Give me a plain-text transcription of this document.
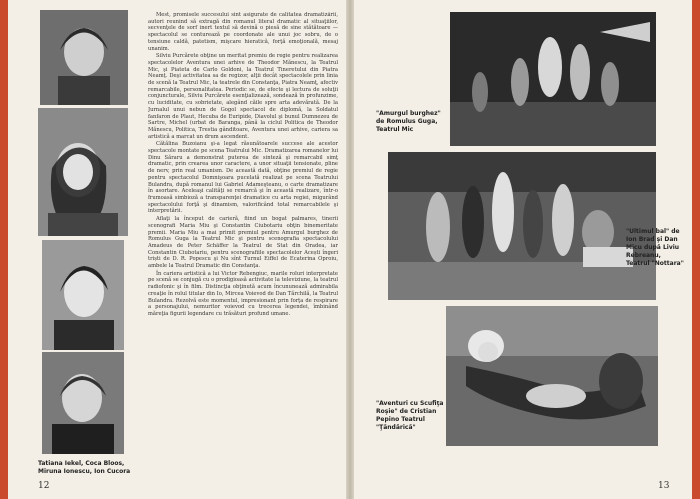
Mest, promisele succesului sint asigurate de calitatea dramatizării, autori reunind să extragă din romanul literal dramatic al situaţiilor, secvenţele de sorf inert textul să devină o piesă de sine stătătoare — spectacolul se conturează pe coordonate ale unui joc sobru, de o tensiune caldă, patetism, mişcare hieratică, forţă emoţională, mesaj unanim.

Silviu Purcărete obţine un meritat premiu de regie pentru realizarea spectacolelor Aventura unei arhive de Theodor Mănescu, la Teatrul Mic, şi Piateta de Carlo Goldoni, la Teatrul Tineretului din Piatra Neamţ. Deşi activitatea sa de regizor, alţii decât spectacolele prin linia de scenă la Teatrul Mic, la teatrele din Constanţa, Piatra Neamţ, afectiv remarcabile, personalitatea. Periodic se, de efecte şi lectura de soluţii conjuncturale, Silviu Purcărete esenţializează, sondează în profunzime, cu luciditate, cu sobrietate, alegând căile spre arta adevărată. De la Jurnalul unui nebun de Gogol spectacol de diplomă, la Soldatul fanfaron de Plaut, Hecuba de Euripide, Diavolul şi bunul Dumnezeu de Sartre, Michel (urbat de Baranga, până la ciclul Politica de Theodor Mănescu, Politica, Trestia gânditoare, Aventura unei arhive, cariera sa artistică a marcat un drum ascendent.

Cătălina Buzoianu şi-a legat răsunătoarele succese ale acestor spectacole montate pe scena Teatrului Mic. Dramatizarea romanelor lui Dinu Săraru a demonstrat puterea de sinteză şi remarcabil simţ dramatic, prin crearea unor caractere, a unor situaţii tensionate, pline de nerv, prin real umanism. De această dată, obţine premiul de regie pentru spectacolul Domnişoara pucelată realizat pe scena Teatrului Bulandra, după romanul lui Gabriel Adameşteanu, o carte dramatizare în asortare. Aceleaşi calităţi se remarcă şi în această realizare, într-o frumoasă simbioză a transparenţei dramatice cu arta regiei, migurând spectacolului forţă şi dinamism, valorificând total remarcabilele şi interpretării.

Aflaţi la început de carieră, fiind un bogat palmares, tinerii scenografi Maria Miu şi Constantin Ciubotariu obţin binemeritate premii. Maria Miu a mai primit premiul pentru Amurgul burghez de Romulus Guga la Teatrul Mic şi pentru scenografia spectacolului Amadeus de Peter Schäffer la Teatrul de Stat din Oradea, iar Constantin Ciubotariu, pentru scenografiile spectacolelor Acești îngeri triști de D. R. Popescu şi Nu sînt Turnul Eiffel de Ecaterina Oproiu, ambele la Teatrul Dramatic din Constanţa.

În cariera artistică a lui Victor Rebengiuc, marile roluri interpretate pe scenă se conjugă cu o prodigioasă activitate la televiziune, la teatrul radiofonic şi în film. Distincţia obţinută acum încununează admirabila creaţie în rolul titular din Io, Mircea Voievod de Dan Tărchilă, la Teatrul Bulandra. Rezolvă este momentul, impresionant prin forţa de respirare a personajului, nemuritor voievod cu trecerea legendei, îmbinând măreţia figurii legendare cu trăsături profund umane.

Tatiana Iekel, Coca Bloos, Miruna Ionescu, Ion Cucora
12
"Amurgul burghez" de Romulus Guga, Teatrul Mic
"Ultimul bal" de Ion Brad şi Dan Micu după Liviu Rebreanu, Teatrul "Nottara"
"Aventuri cu Scufiţa Roşie" de Cristian Pepino Teatrul "Ţăndărică"
13
